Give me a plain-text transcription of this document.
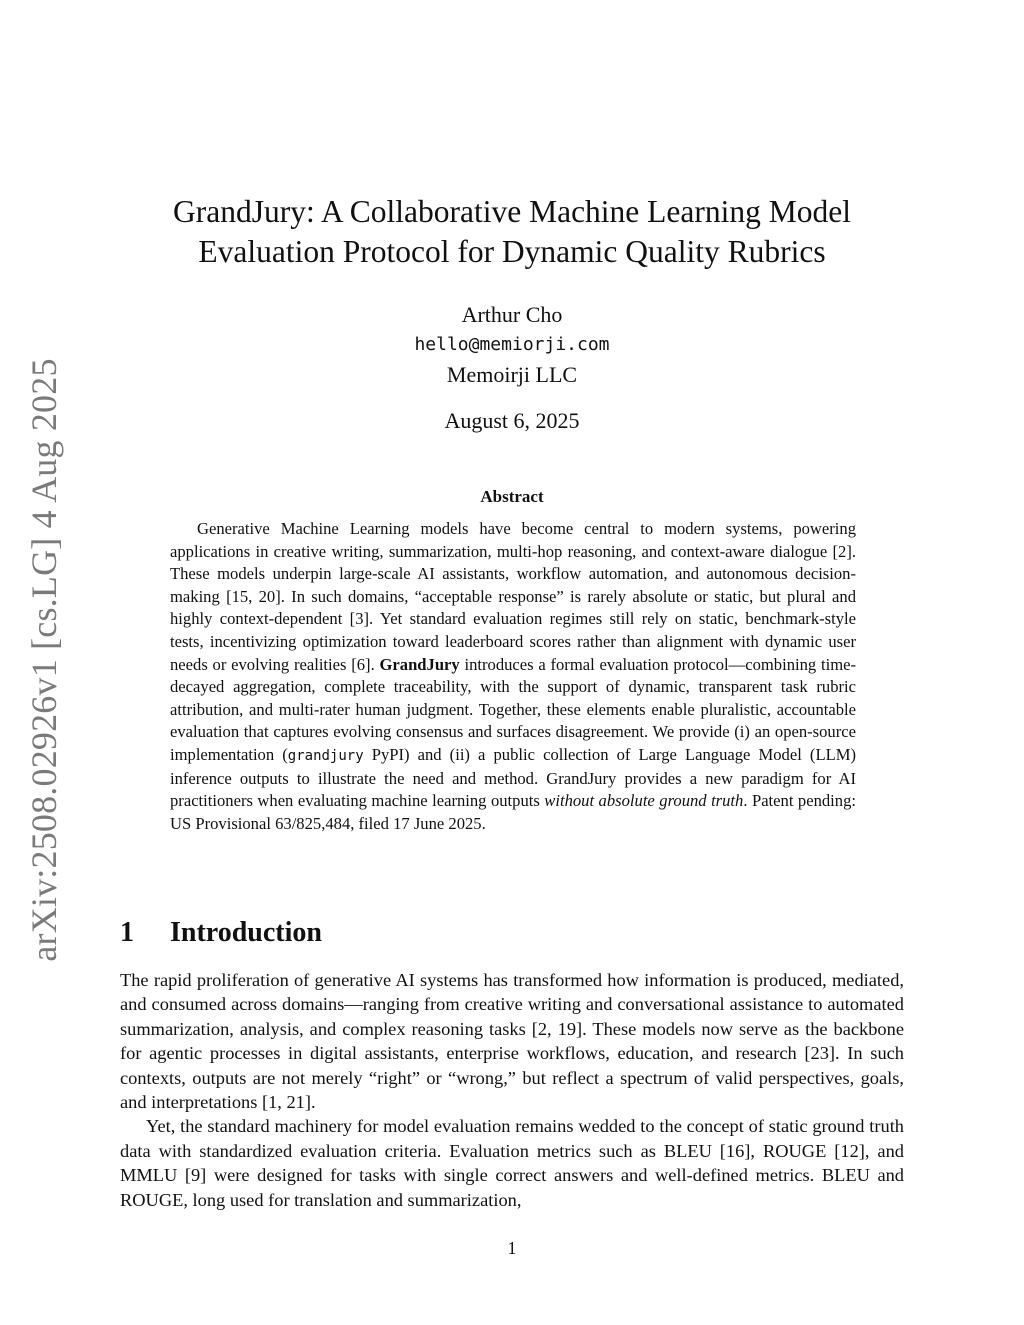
arXiv:2508.02926v1 [cs.LG] 4 Aug 2025
GrandJury: A Collaborative Machine Learning Model
Evaluation Protocol for Dynamic Quality Rubrics
Arthur Cho
hello@memiorji.com
Memoirji LLC
August 6, 2025
Abstract

Generative Machine Learning models have become central to modern systems, powering applications in creative writing, summarization, multi-hop reasoning, and context-aware dialogue [2]. These models underpin large-scale AI assistants, workflow automation, and autonomous decision-making [15, 20]. In such domains, “acceptable response” is rarely absolute or static, but plural and highly context-dependent [3]. Yet standard evaluation regimes still rely on static, benchmark-style tests, incentivizing optimization toward leaderboard scores rather than alignment with dynamic user needs or evolving realities [6]. GrandJury introduces a formal evaluation protocol—combining time-decayed aggregation, complete traceability, with the support of dynamic, transparent task rubric attribution, and multi-rater human judgment. Together, these elements enable pluralistic, accountable evaluation that captures evolving consensus and surfaces disagreement. We provide (i) an open-source implementation (grandjury PyPI) and (ii) a public collection of Large Language Model (LLM) inference outputs to illustrate the need and method. GrandJury provides a new paradigm for AI practitioners when evaluating machine learning outputs without absolute ground truth. Patent pending: US Provisional 63/825,484, filed 17 June 2025.

1 Introduction

The rapid proliferation of generative AI systems has transformed how information is produced, mediated, and consumed across domains—ranging from creative writing and conversational assistance to automated summarization, analysis, and complex reasoning tasks [2, 19]. These models now serve as the backbone for agentic processes in digital assistants, enterprise workflows, education, and research [23]. In such contexts, outputs are not merely “right” or “wrong,” but reflect a spectrum of valid perspectives, goals, and interpretations [1, 21].

Yet, the standard machinery for model evaluation remains wedded to the concept of static ground truth data with standardized evaluation criteria. Evaluation metrics such as BLEU [16], ROUGE [12], and MMLU [9] were designed for tasks with single correct answers and well-defined metrics. BLEU and ROUGE, long used for translation and summarization,

1
